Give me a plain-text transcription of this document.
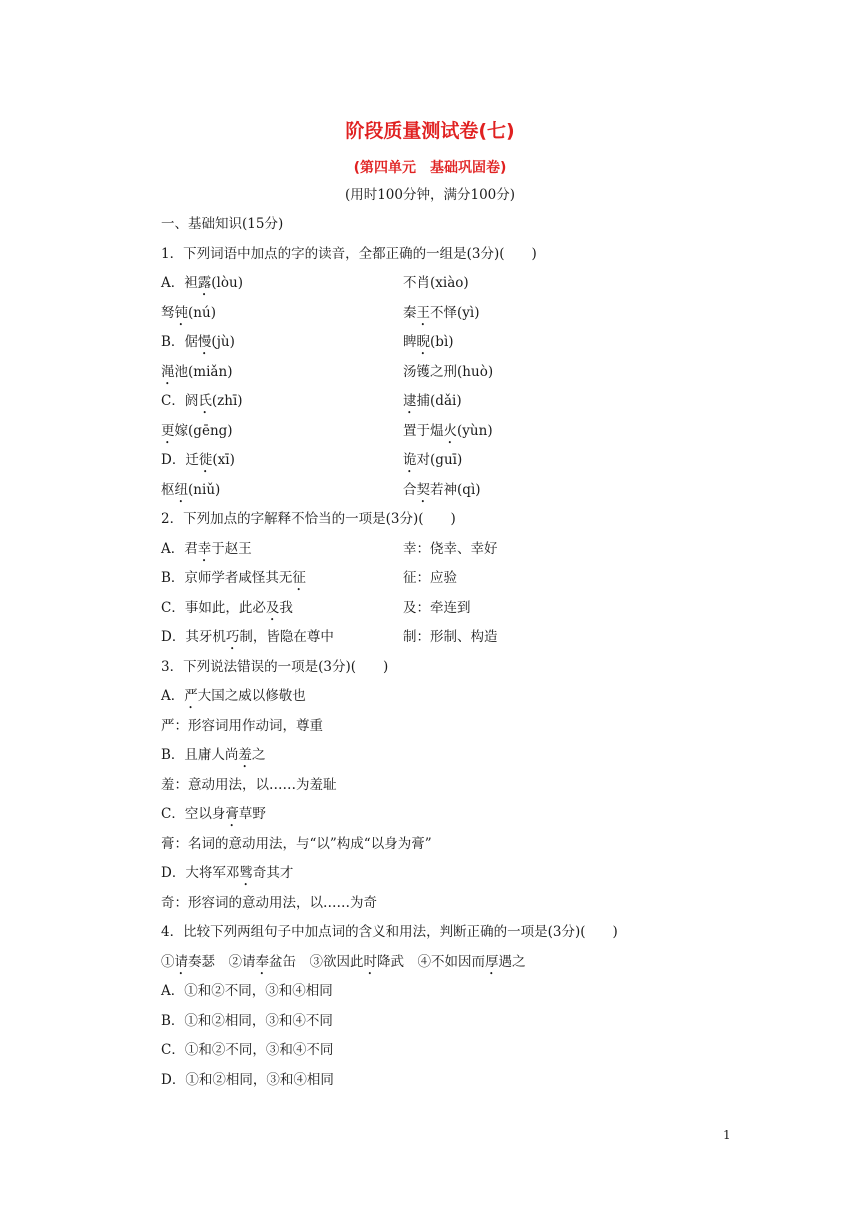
阶段质量测试卷(七)
(第四单元　基础巩固卷)
(用时100分钟，满分100分)
一、基础知识(15分)
1．下列词语中加点的字的读音，全都正确的一组是(3分)(　　)
A．袒露(lòu)	不肖(xiào)
驽钝(nú)	秦王不怿(yì)
B．倨慢(jù)	睥睨(bì)
渑池(miǎn)	汤镬之刑(huò)
C．阏氏(zhī)	逮捕(dǎi)
更嫁(gēng)	置于煴火(yùn)
D．迁徙(xī)	诡对(guī)
枢纽(niǔ)	合契若神(qì)
2．下列加点的字解释不恰当的一项是(3分)(　　)
A．君幸于赵王	幸：侥幸、幸好
B．京师学者咸怪其无征	征：应验
C．事如此，此必及我	及：牵连到
D．其牙机巧制，皆隐在尊中	制：形制、构造
3．下列说法错误的一项是(3分)(　　)
A．严大国之威以修敬也
严：形容词用作动词，尊重
B．且庸人尚羞之
羞：意动用法，以……为羞耻
C．空以身膏草野
膏：名词的意动用法，与“以”构成“以身为膏”
D．大将军邓骘奇其才
奇：形容词的意动用法，以……为奇
4．比较下列两组句子中加点词的含义和用法，判断正确的一项是(3分)(　　)
①请奏瑟　 ②请奉盆缶　 ③欲因此时降武　 ④不如因而厚遇之
A．①和②不同，③和④相同
B．①和②相同，③和④不同
C．①和②不同，③和④不同
D．①和②相同，③和④相同
1
